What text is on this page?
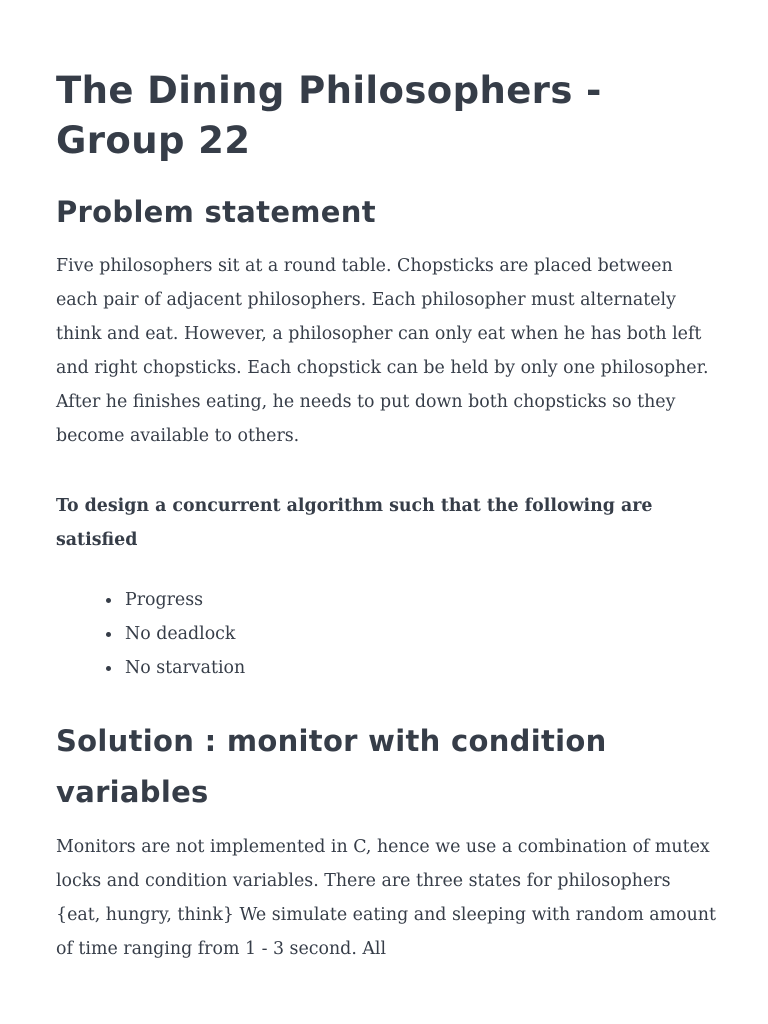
The Dining Philosophers - Group 22
Problem statement

Five philosophers sit at a round table. Chopsticks are placed between each pair of adjacent philosophers. Each philosopher must alternately think and eat. However, a philosopher can only eat when he has both left and right chopsticks. Each chopstick can be held by only one philosopher. After he finishes eating, he needs to put down both chopsticks so they become available to others.

To design a concurrent algorithm such that the following are satisfied

Progress
No deadlock
No starvation
Solution : monitor with condition variables

Monitors are not implemented in C, hence we use a combination of mutex locks and condition variables. There are three states for philosophers {eat, hungry, think} We simulate eating and sleeping with random amount of time ranging from 1 - 3 second. All
